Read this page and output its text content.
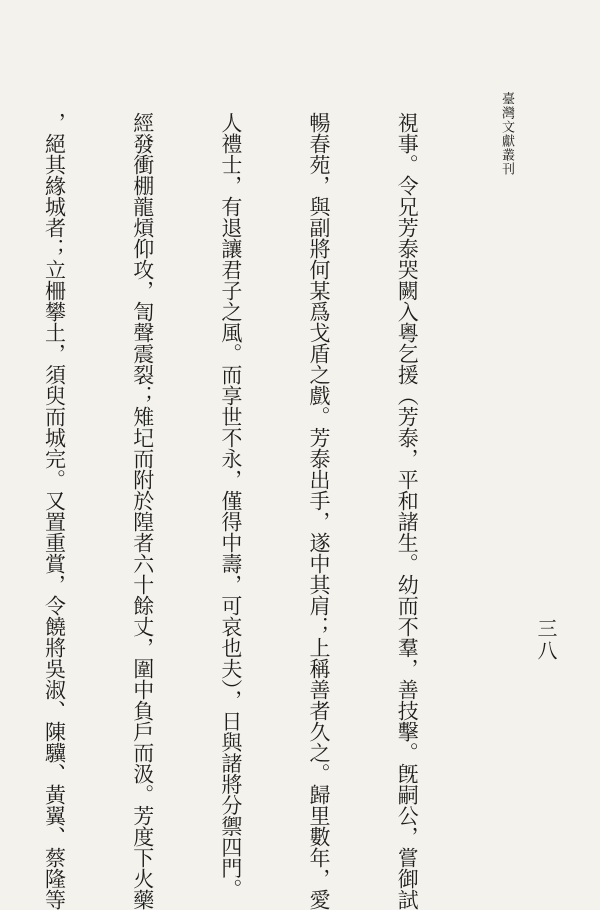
臺灣文獻叢刊
三八

視事。令兄芳泰哭闕入粵乞援（芳泰，平和諸生。幼而不羣，善技擊。旣嗣公，嘗御試

暢春苑，與副將何某爲戈盾之戲。芳泰出手，遂中其肩；上稱善者久之。歸里數年，愛

人禮士，有退讓君子之風。而享世不永，僅得中壽，可哀也夫），日與諸將分禦四門。

經發衝棚龍熕仰攻，訇聲震裂；雉圮而附於隍者六十餘丈，圍中負戶而汲。芳度下火藥

，絕其緣城者；立柵攀土，須臾而城完。又置重賞，令饒將吳淑、陳驥、黃翼、蔡隆等
